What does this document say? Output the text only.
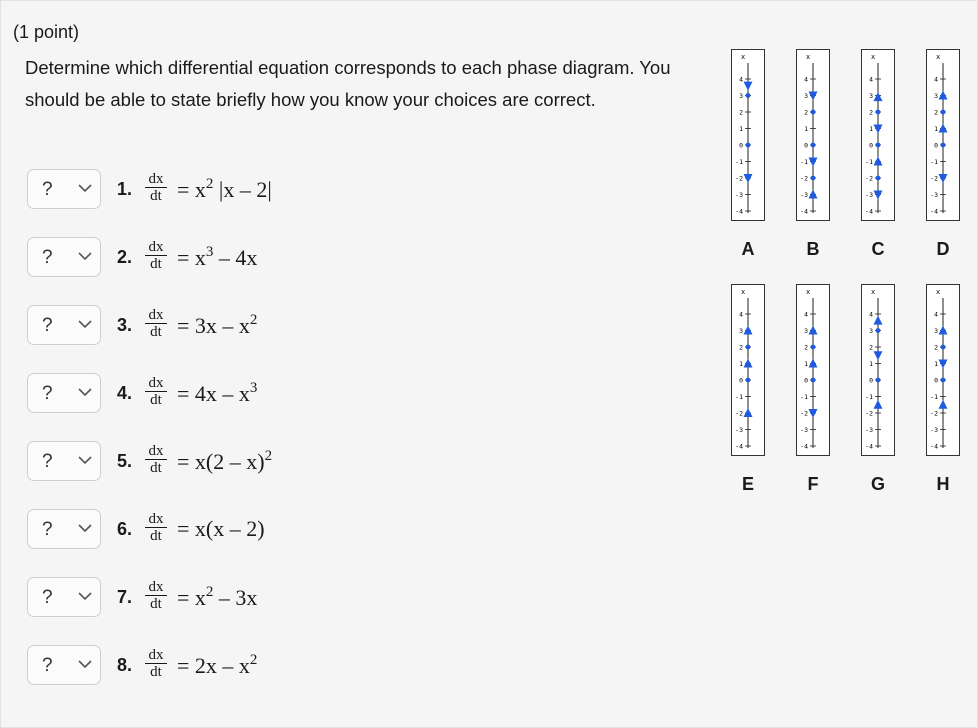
(1 point)
Determine which differential equation corresponds to each phase diagram. You should be able to state briefly how you know your choices are correct.
?	1. $\frac{dx}{dt} = x^2$ |x – 2|
?	2. $\frac{dx}{dt} = x^3 - 4x$
?	3. $\frac{dx}{dt} = 3x - x^2$
?	4. $\frac{dx}{dt} = 4x - x^3$
?	5. $\frac{dx}{dt} = x(2 - x)^2$
?	6. $\frac{dx}{dt} = x(x - 2)$
?	7. $\frac{dx}{dt} = x^2 - 3x$
?	8. $\frac{dx}{dt} = 2x - x^2$
x
4
3
2
1
0
-1
-2
-3
-4
A
x
4
3
2
1
0
-1
-2
-3
-4
B
x
4
3
2
1
0
-1
-2
-3
-4
C
x
4
3
2
1
0
-1
-2
-3
-4
D
x
4
3
2
1
0
-1
-2
-3
-4
E
x
4
3
2
1
0
-1
-2
-3
-4
F
x
4
3
2
1
0
-1
-2
-3
-4
G
x
4
3
2
1
0
-1
-2
-3
-4
H
